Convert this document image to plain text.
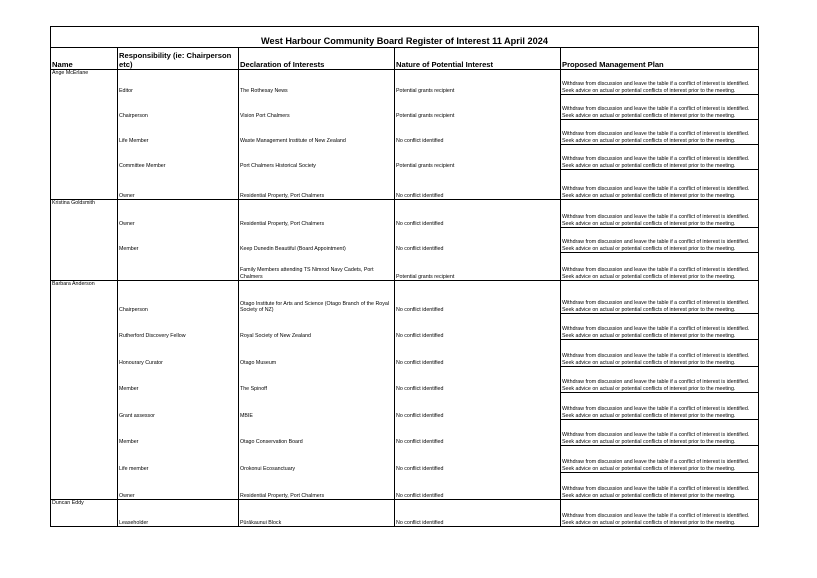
West Harbour Community Board Register of Interest 11 April 2024				
Name	Responsibility (ie: Chairperson etc)	Declaration of Interests	Nature of Potential Interest	Proposed Management Plan
Ange McErlane	Editor	The Rothesay News	Potential grants recipient	Withdraw from discussion and leave the table if a conflict of interest is identified. Seek advice on actual or potential conflicts of interest prior to the meeting.
	Chairperson	Vision Port Chalmers	Potential grants recipient	Withdraw from discussion and leave the table if a conflict of interest is identified. Seek advice on actual or potential conflicts of interest prior to the meeting.
	Life Member	Waste Management Institute of New Zealand	No conflict identified	Withdraw from discussion and leave the table if a conflict of interest is identified. Seek advice on actual or potential conflicts of interest prior to the meeting.
	Committee Member	Port Chalmers Historical Society	Potential grants recipient	Withdraw from discussion and leave the table if a conflict of interest is identified. Seek advice on actual or potential conflicts of interest prior to the meeting.
	Owner	Residential Property, Port Chalmers	No conflict identified	Withdraw from discussion and leave the table if a conflict of interest is identified. Seek advice on actual or potential conflicts of interest prior to the meeting.
Kristina Goldsmith	Owner	Residential Property, Port Chalmers	No conflict identified	Withdraw from discussion and leave the table if a conflict of interest is identified. Seek advice on actual or potential conflicts of interest prior to the meeting.
	Member	Keep Dunedin Beautiful (Board Appointment)	No conflict identified	Withdraw from discussion and leave the table if a conflict of interest is identified. Seek advice on actual or potential conflicts of interest prior to the meeting.
		Family Members attending TS Nimrod Navy Cadets, Port Chalmers	Potential grants recipient	Withdraw from discussion and leave the table if a conflict of interest is identified. Seek advice on actual or potential conflicts of interest prior to the meeting.
Barbara Anderson	Chairperson	Otago Institute for Arts and Science (Otago Branch of the Royal Society of NZ)	No conflict identified	Withdraw from discussion and leave the table if a conflict of interest is identified. Seek advice on actual or potential conflicts of interest prior to the meeting.
	Rutherford Discovery Fellow	Royal Society of New Zealand	No conflict identified	Withdraw from discussion and leave the table if a conflict of interest is identified. Seek advice on actual or potential conflicts of interest prior to the meeting.
	Honourary Curator	Otago Museum	No conflict identified	Withdraw from discussion and leave the table if a conflict of interest is identified. Seek advice on actual or potential conflicts of interest prior to the meeting.
	Member	The Spinoff	No conflict identified	Withdraw from discussion and leave the table if a conflict of interest is identified. Seek advice on actual or potential conflicts of interest prior to the meeting.
	Grant assessor	MBIE	No conflict identified	Withdraw from discussion and leave the table if a conflict of interest is identified. Seek advice on actual or potential conflicts of interest prior to the meeting.
	Member	Otago Conservation Board	No conflict identified	Withdraw from discussion and leave the table if a conflict of interest is identified. Seek advice on actual or potential conflicts of interest prior to the meeting.
	Life member	Orokonui Ecosanctuary	No conflict identified	Withdraw from discussion and leave the table if a conflict of interest is identified. Seek advice on actual or potential conflicts of interest prior to the meeting.
	Owner	Residential Property, Port Chalmers	No conflict identified	Withdraw from discussion and leave the table if a conflict of interest is identified. Seek advice on actual or potential conflicts of interest prior to the meeting.
Duncan Eddy	Leaseholder	Pūrākaunui Block	No conflict identified	Withdraw from discussion and leave the table if a conflict of interest is identified. Seek advice on actual or potential conflicts of interest prior to the meeting.
